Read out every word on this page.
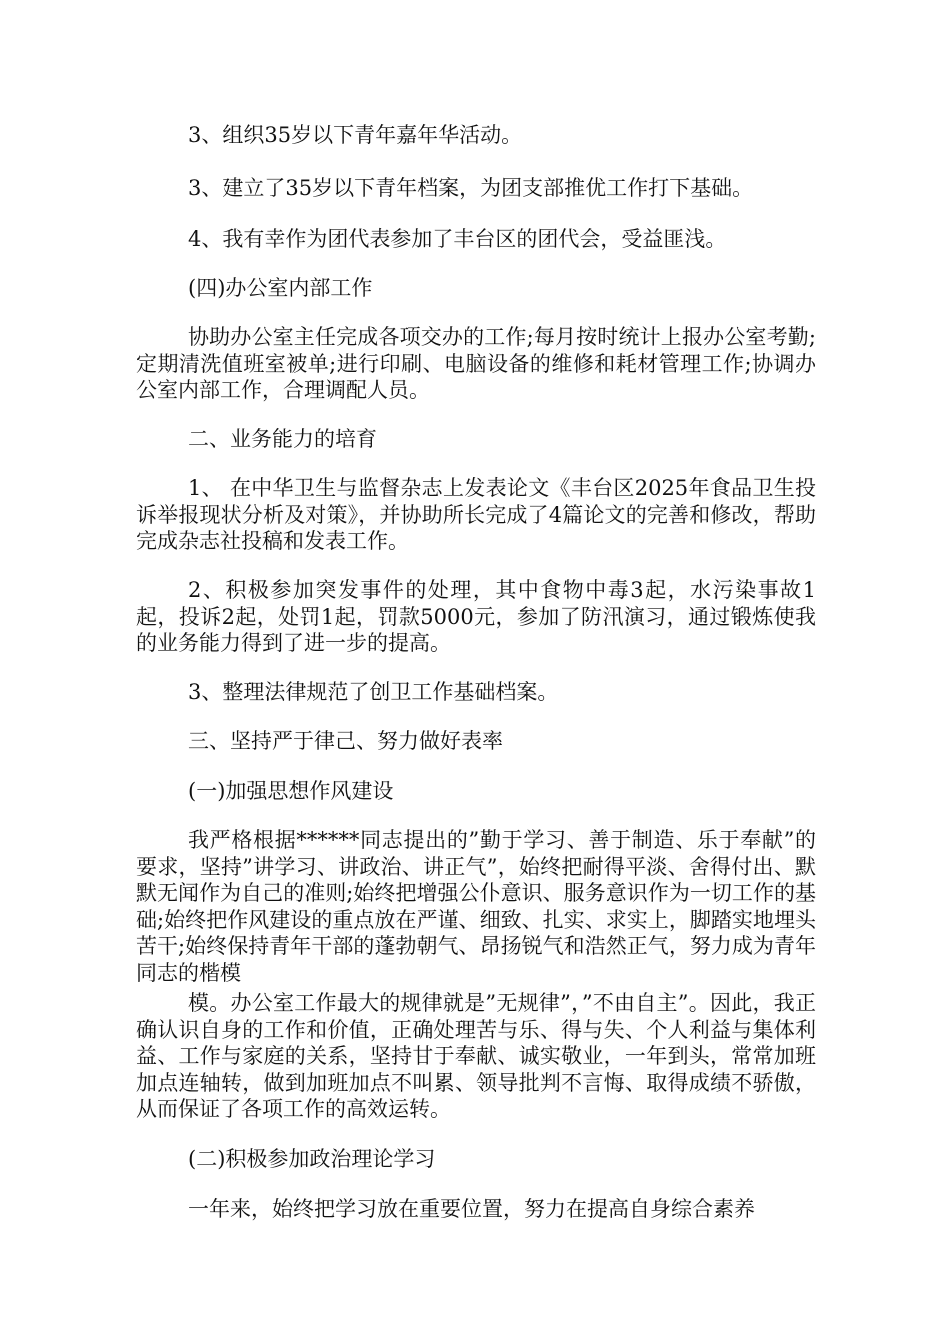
3、组织35岁以下青年嘉年华活动。

3、建立了35岁以下青年档案，为团支部推优工作打下基础。

4、我有幸作为团代表参加了丰台区的团代会，受益匪浅。

(四)办公室内部工作

协助办公室主任完成各项交办的工作;每月按时统计上报办公室考勤;定期清洗值班室被单;进行印刷、电脑设备的维修和耗材管理工作;协调办公室内部工作，合理调配人员。

二、业务能力的培育

1、 在中华卫生与监督杂志上发表论文《丰台区2025年食品卫生投诉举报现状分析及对策》，并协助所长完成了4篇论文的完善和修改，帮助完成杂志社投稿和发表工作。

2、积极参加突发事件的处理，其中食物中毒3起，水污染事故1起，投诉2起，处罚1起，罚款5000元，参加了防汛演习，通过锻炼使我的业务能力得到了进一步的提高。

3、整理法律规范了创卫工作基础档案。

三、坚持严于律己、努力做好表率

(一)加强思想作风建设

我严格根据******同志提出的”勤于学习、善于制造、乐于奉献”的要求，坚持”讲学习、讲政治、讲正气”，始终把耐得平淡、舍得付出、默默无闻作为自己的准则;始终把增强公仆意识、服务意识作为一切工作的基础;始终把作风建设的重点放在严谨、细致、扎实、求实上，脚踏实地埋头苦干;始终保持青年干部的蓬勃朝气、昂扬锐气和浩然正气，努力成为青年同志的楷模

模。办公室工作最大的规律就是”无规律”，”不由自主”。因此，我正确认识自身的工作和价值，正确处理苦与乐、得与失、个人利益与集体利益、工作与家庭的关系，坚持甘于奉献、诚实敬业，一年到头，常常加班加点连轴转，做到加班加点不叫累、领导批判不言悔、取得成绩不骄傲，从而保证了各项工作的高效运转。

(二)积极参加政治理论学习

一年来，始终把学习放在重要位置，努力在提高自身综合素养
